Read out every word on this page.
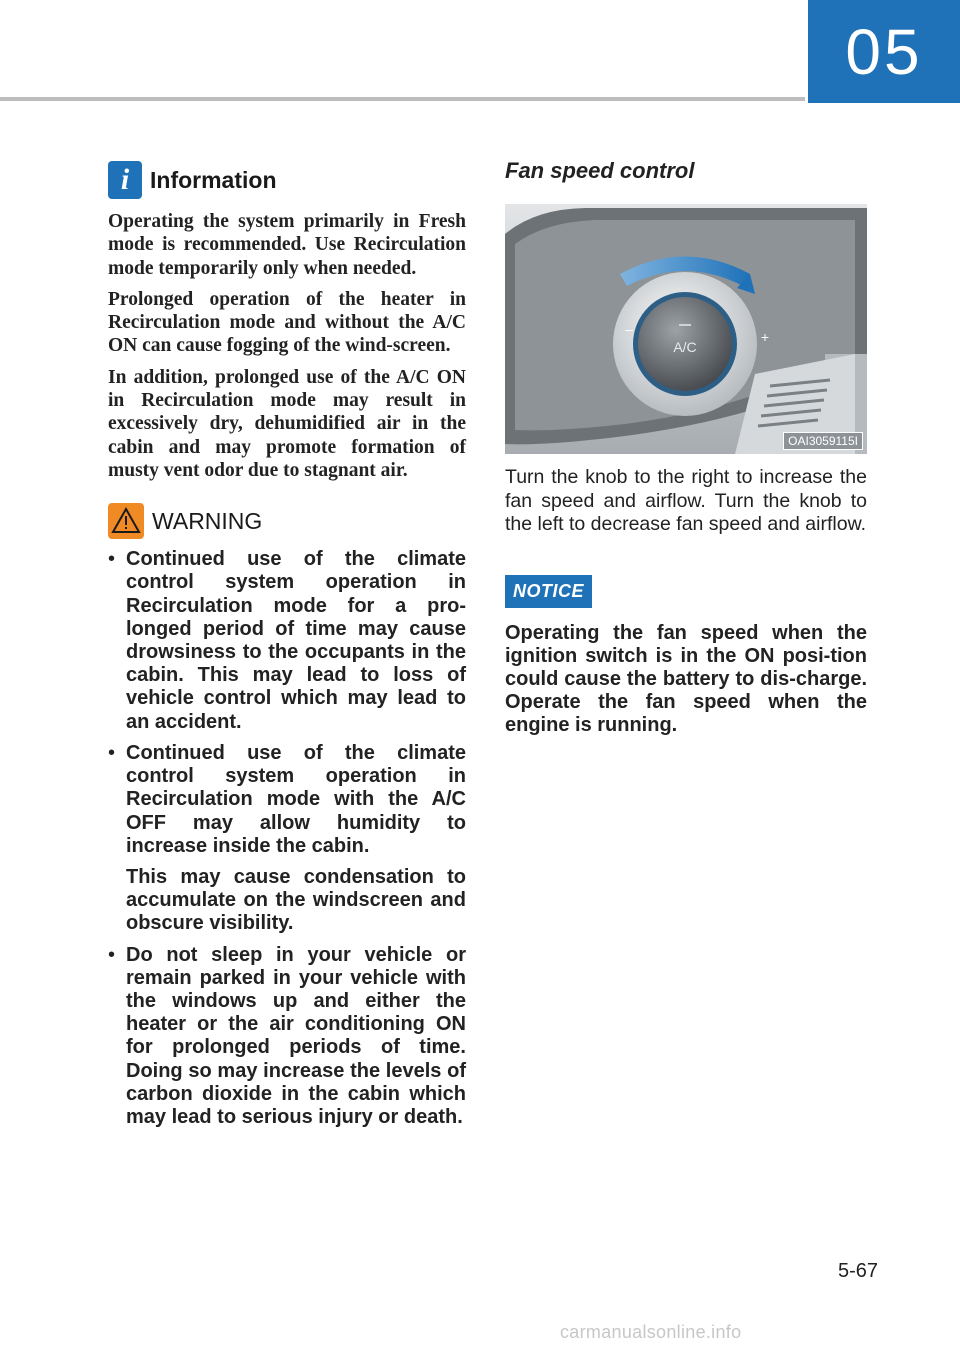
05
i Information

Operating the system primarily in Fresh mode is recommended. Use Recirculation mode temporarily only when needed.

Prolonged operation of the heater in Recirculation mode and without the A/C ON can cause fogging of the wind-screen.

In addition, prolonged use of the A/C ON in Recirculation mode may result in excessively dry, dehumidified air in the cabin and may promote formation of musty vent odor due to stagnant air.

WARNING
• Continued use of the climate control system operation in Recirculation mode for a pro-longed period of time may cause drowsiness to the occupants in the cabin. This may lead to loss of vehicle control which may lead to an accident.
• Continued use of the climate control system operation in Recirculation mode with the A/C OFF may allow humidity to increase inside the cabin.
This may cause condensation to accumulate on the windscreen and obscure visibility.
• Do not sleep in your vehicle or remain parked in your vehicle with the windows up and either the heater or the air conditioning ON for prolonged periods of time. Doing so may increase the levels of carbon dioxide in the cabin which may lead to serious injury or death.
Fan speed control
A/C
–	+
OAI3059115I

Turn the knob to the right to increase the fan speed and airflow. Turn the knob to the left to decrease fan speed and airflow.

NOTICE

Operating the fan speed when the ignition switch is in the ON posi-tion could cause the battery to dis-charge. Operate the fan speed when the engine is running.

5-67
carmanualsonline.info
